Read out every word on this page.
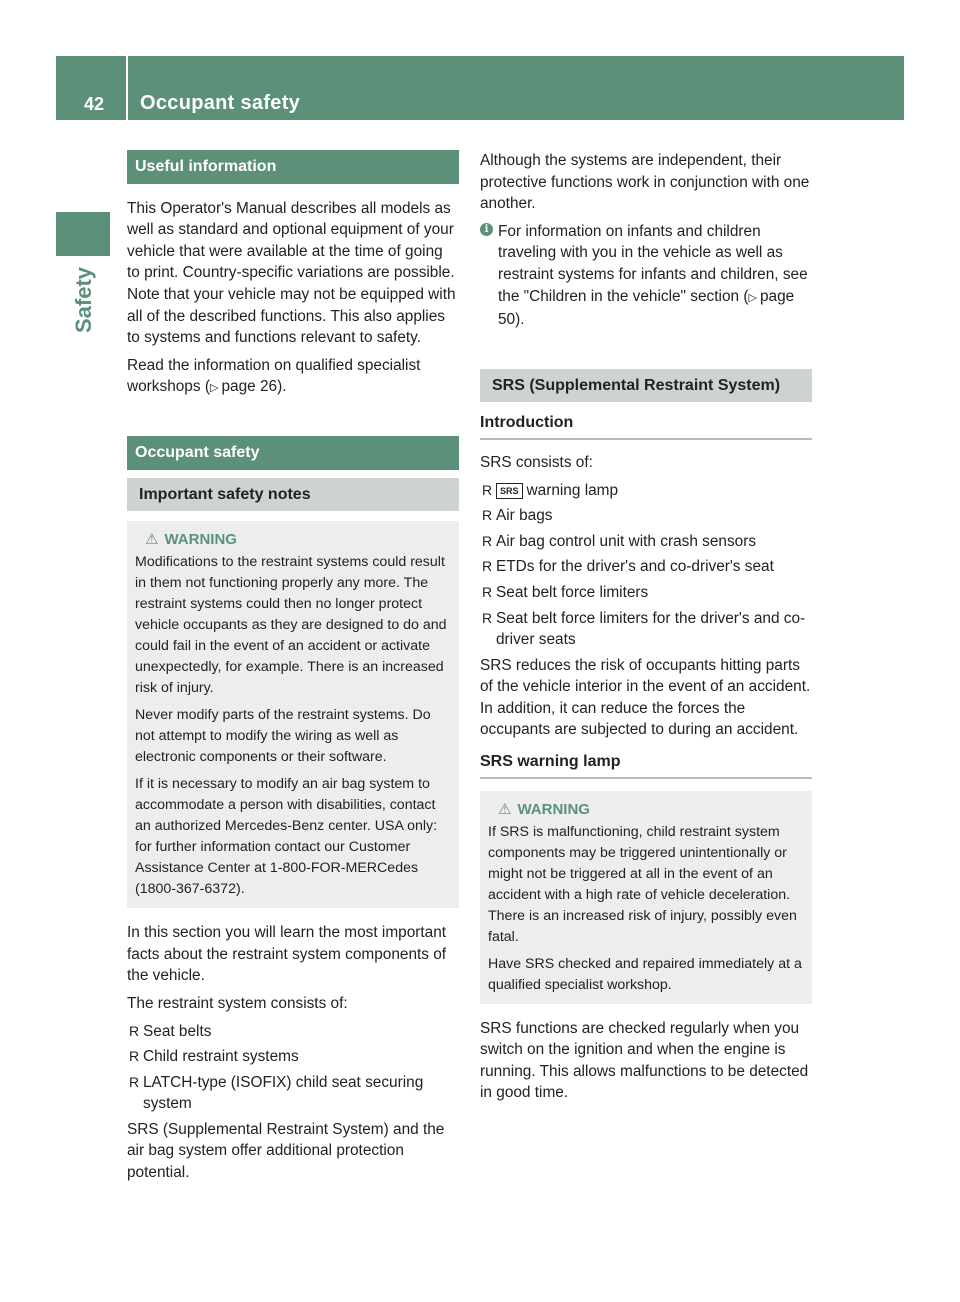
42 Occupant safety
Safety
Useful information

This Operator's Manual describes all models as well as standard and optional equipment of your vehicle that were available at the time of going to print. Country-specific variations are possible. Note that your vehicle may not be equipped with all of the described functions. This also applies to systems and functions relevant to safety.

Read the information on qualified specialist workshops (▷ page 26).

Occupant safety
Important safety notes
⚠ WARNING

Modifications to the restraint systems could result in them not functioning properly any more. The restraint systems could then no longer protect vehicle occupants as they are designed to do and could fail in the event of an accident or activate unexpectedly, for example. There is an increased risk of injury.

Never modify parts of the restraint systems. Do not attempt to modify the wiring as well as electronic components or their software.

If it is necessary to modify an air bag system to accommodate a person with disabilities, contact an authorized Mercedes-Benz center. USA only: for further information contact our Customer Assistance Center at 1-800-FOR-MERCedes (1800-367-6372).

In this section you will learn the most important facts about the restraint system components of the vehicle.

The restraint system consists of:

R Seat belts
R Child restraint systems
R LATCH-type (ISOFIX) child seat securing system

SRS (Supplemental Restraint System) and the air bag system offer additional protection potential.

Although the systems are independent, their protective functions work in conjunction with one another.

i For information on infants and children traveling with you in the vehicle as well as restraint systems for infants and children, see the "Children in the vehicle" section (▷ page 50).
SRS (Supplemental Restraint System)
Introduction

SRS consists of:

R SRS warning lamp
R Air bags
R Air bag control unit with crash sensors
R ETDs for the driver's and co-driver's seat
R Seat belt force limiters
R Seat belt force limiters for the driver's and co-driver seats

SRS reduces the risk of occupants hitting parts of the vehicle interior in the event of an accident. In addition, it can reduce the forces the occupants are subjected to during an accident.

SRS warning lamp
⚠ WARNING

If SRS is malfunctioning, child restraint system components may be triggered unintentionally or might not be triggered at all in the event of an accident with a high rate of vehicle deceleration. There is an increased risk of injury, possibly even fatal.

Have SRS checked and repaired immediately at a qualified specialist workshop.

SRS functions are checked regularly when you switch on the ignition and when the engine is running. This allows malfunctions to be detected in good time.
